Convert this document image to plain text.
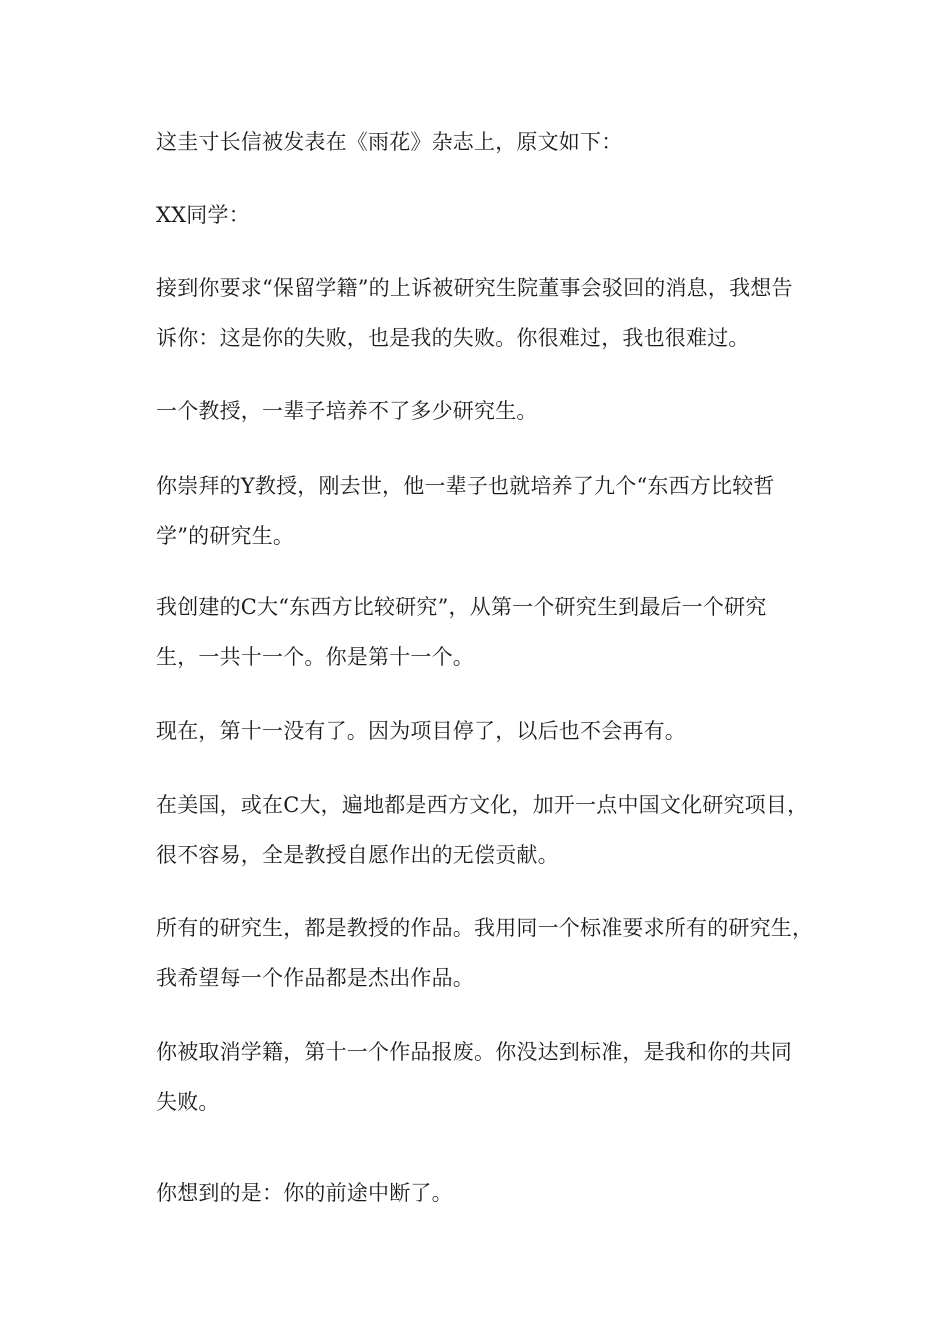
这圭寸长信被发表在《雨花》杂志上，原文如下：

XX同学：

接到你要求“保留学籍”的上诉被研究生院董事会驳回的消息，我想告
诉你：这是你的失败，也是我的失败。你很难过，我也很难过。

一个教授，一辈子培养不了多少研究生。

你崇拜的Y教授，刚去世，他一辈子也就培养了九个“东西方比较哲
学”的研究生。

我创建的C大“东西方比较研究”，从第一个研究生到最后一个研究
生，一共十一个。你是第十一个。

现在，第十一没有了。因为项目停了，以后也不会再有。

在美国，或在C大，遍地都是西方文化，加开一点中国文化研究项目，
很不容易，全是教授自愿作出的无偿贡献。

所有的研究生，都是教授的作品。我用同一个标准要求所有的研究生，
我希望每一个作品都是杰出作品。

你被取消学籍，第十一个作品报废。你没达到标准，是我和你的共同
失败。

你想到的是：你的前途中断了。
